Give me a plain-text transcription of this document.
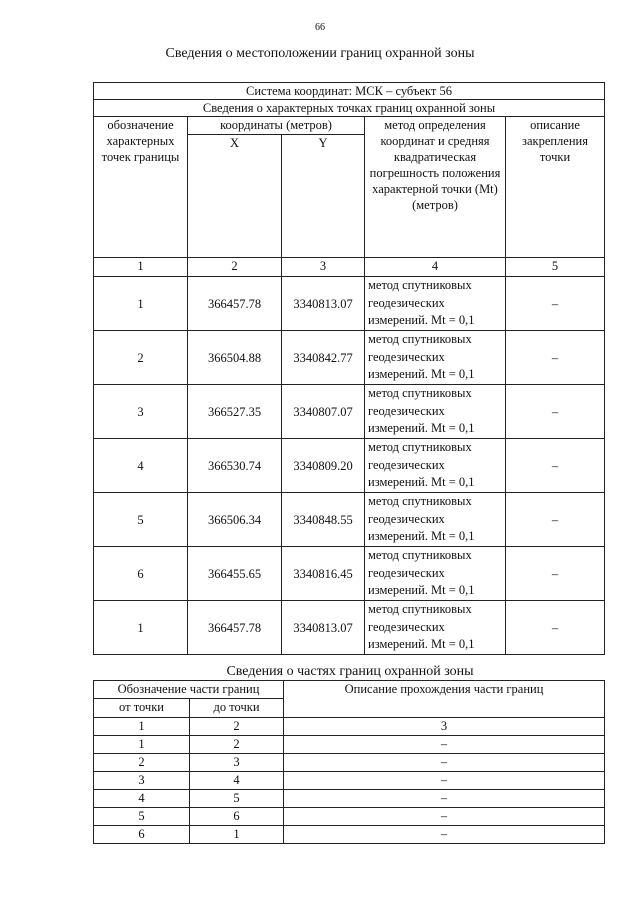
66
Сведения о местоположении границ охранной зоны
Система координат: МСК – субъект 56				
Сведения о характерных точках границ охранной зоны				
обозначение характерных точек границы	координаты (метров)		метод определения координат и средняя квадратическая погрешность положения характерной точки (Mt) (метров)	описание закрепления точки
	X	Y		
1	2	3	4	5
1	366457.78	3340813.07	метод спутниковых геодезических измерений. Mt = 0,1	–
2	366504.88	3340842.77	метод спутниковых геодезических измерений. Mt = 0,1	–
3	366527.35	3340807.07	метод спутниковых геодезических измерений. Mt = 0,1	–
4	366530.74	3340809.20	метод спутниковых геодезических измерений. Mt = 0,1	–
5	366506.34	3340848.55	метод спутниковых геодезических измерений. Mt = 0,1	–
6	366455.65	3340816.45	метод спутниковых геодезических измерений. Mt = 0,1	–
1	366457.78	3340813.07	метод спутниковых геодезических измерений. Mt = 0,1	–
Сведения о частях границ охранной зоны
Обозначение части границ		Описание прохождения части границ
от точки	до точки	
1	2	3
1	2	–
2	3	–
3	4	–
4	5	–
5	6	–
6	1	–
